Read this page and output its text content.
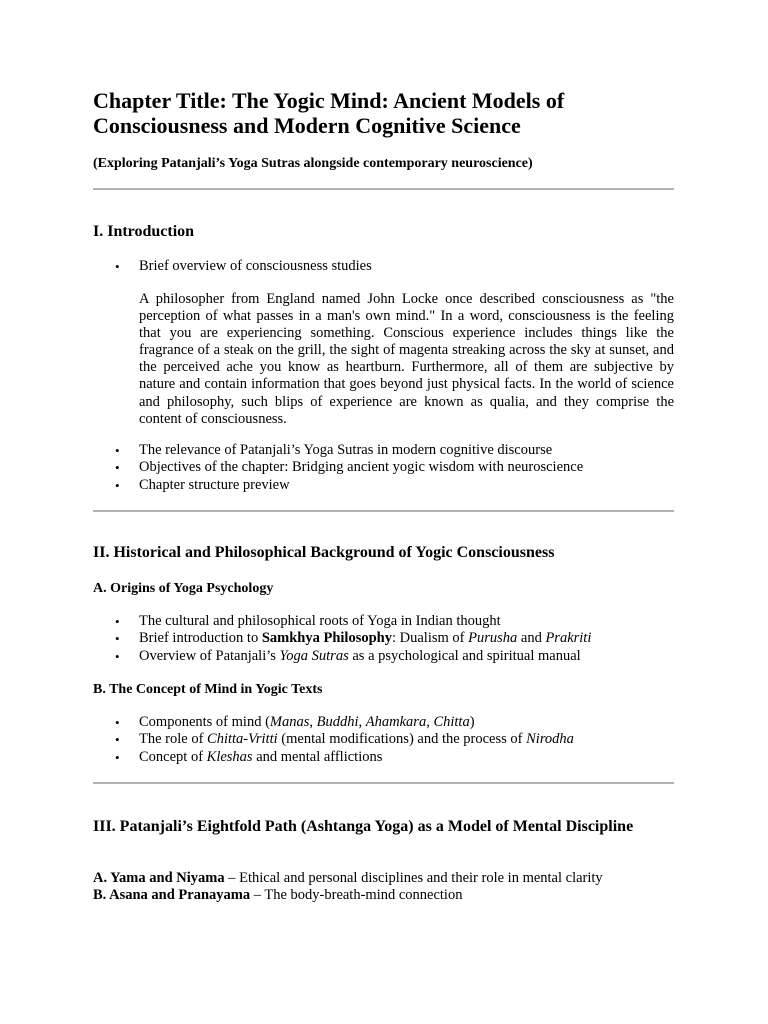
Chapter Title: The Yogic Mind: Ancient Models of Consciousness and Modern Cognitive Science

(Exploring Patanjali’s Yoga Sutras alongside contemporary neuroscience)

I. Introduction
• Brief overview of consciousness studies

A philosopher from England named John Locke once described consciousness as "the perception of what passes in a man's own mind." In a word, consciousness is the feeling that you are experiencing something. Conscious experience includes things like the fragrance of a steak on the grill, the sight of magenta streaking across the sky at sunset, and the perceived ache you know as heartburn. Furthermore, all of them are subjective by nature and contain information that goes beyond just physical facts. In the world of science and philosophy, such blips of experience are known as qualia, and they comprise the content of consciousness.

• The relevance of Patanjali’s Yoga Sutras in modern cognitive discourse
• Objectives of the chapter: Bridging ancient yogic wisdom with neuroscience
• Chapter structure preview
II. Historical and Philosophical Background of Yogic Consciousness
A. Origins of Yoga Psychology
• The cultural and philosophical roots of Yoga in Indian thought
• Brief introduction to Samkhya Philosophy: Dualism of Purusha and Prakriti
• Overview of Patanjali’s Yoga Sutras as a psychological and spiritual manual
B. The Concept of Mind in Yogic Texts
• Components of mind (Manas, Buddhi, Ahamkara, Chitta)
• The role of Chitta-Vritti (mental modifications) and the process of Nirodha
• Concept of Kleshas and mental afflictions
III. Patanjali’s Eightfold Path (Ashtanga Yoga) as a Model of Mental Discipline

A. Yama and Niyama – Ethical and personal disciplines and their role in mental clarity

B. Asana and Pranayama – The body-breath-mind connection
